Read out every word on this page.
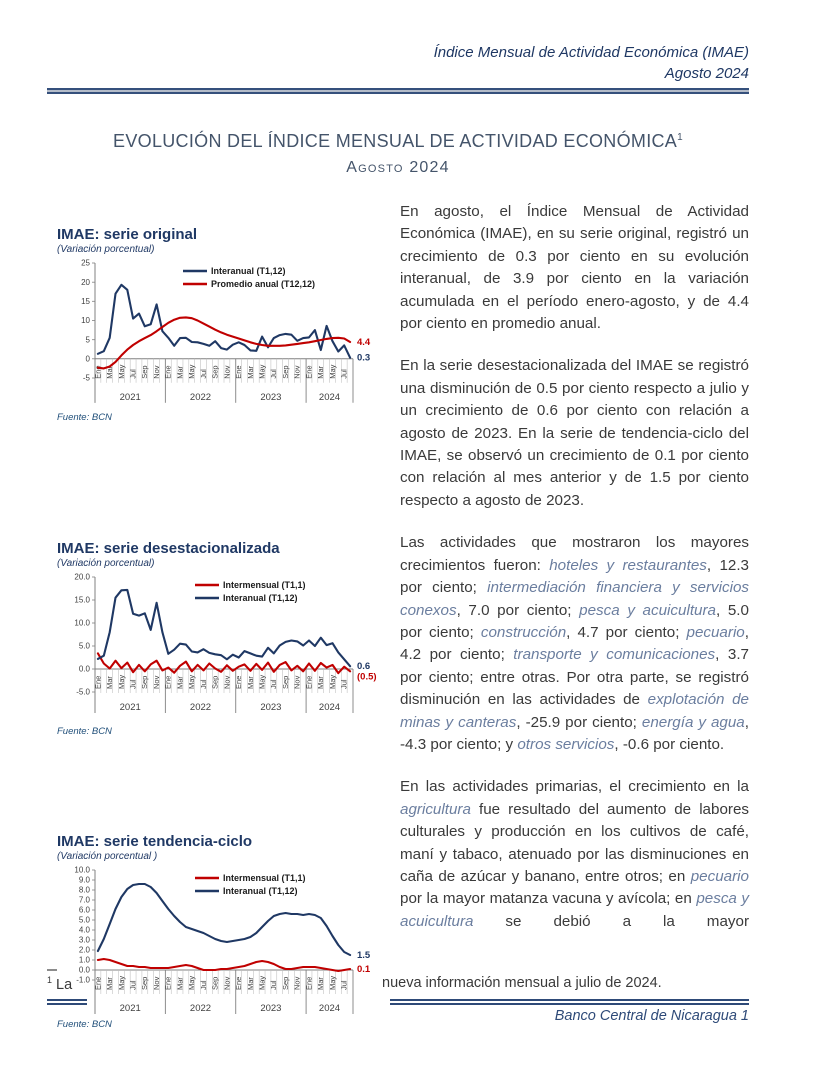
Índice Mensual de Actividad Económica (IMAE)
Agosto 2024
EVOLUCIÓN DEL ÍNDICE MENSUAL DE ACTIVIDAD ECONÓMICA$^1$
Agosto 2024
IMAE: serie original
(Variación porcentual)
-5
0
5
10
15
20
25
Ene Mar May Jul Sep Nov Ene Mar May Jul Sep Nov Ene Mar May Jul Sep Nov Ene Mar May Jul
2021	2022	2023	2024
Interanual (T1,12)
Promedio anual (T12,12)
4.4
0.3
Fuente: BCN
IMAE: serie desestacionalizada
(Variación porcentual)
-5.0
0.0
5.0
10.0
15.0
20.0
Ene Mar May Jul Sep Nov Ene Mar May Jul Sep Nov Ene Mar May Jul Sep Nov Ene Mar May Jul
2021	2022	2023	2024
Intermensual (T1,1)
Interanual (T1,12)
0.6
(0.5)
Fuente: BCN
IMAE: serie tendencia-ciclo
(Variación porcentual )
-1.0
0.0
1.0
2.0
3.0
4.0
5.0
6.0
7.0
8.0
9.0
10.0
Ene Mar May Jul Sep Nov Ene Mar May Jul Sep Nov Ene Mar May Jul Sep Nov Ene Mar May Jul
2021	2022	2023	2024
Intermensual (T1,1)
Interanual (T1,12)
1.5
0.1
Fuente: BCN

En agosto, el Índice Mensual de Actividad Económica (IMAE), en su serie original, registró un crecimiento de 0.3 por ciento en su evolución interanual, de 3.9 por ciento en la variación acumulada en el período enero-agosto, y de 4.4 por ciento en promedio anual.

En la serie desestacionalizada del IMAE se registró una disminución de 0.5 por ciento respecto a julio y un crecimiento de 0.6 por ciento con relación a agosto de 2023. En la serie de tendencia-ciclo del IMAE, se observó un crecimiento de 0.1 por ciento con relación al mes anterior y de 1.5 por ciento respecto a agosto de 2023.

Las actividades que mostraron los mayores crecimientos fueron: hoteles y restaurantes, 12.3 por ciento; intermediación financiera y servicios conexos, 7.0 por ciento; pesca y acuicultura, 5.0 por ciento; construcción, 4.7 por ciento; pecuario, 4.2 por ciento; transporte y comunicaciones, 3.7 por ciento; entre otras. Por otra parte, se registró disminución en las actividades de explotación de minas y canteras, -25.9 por ciento; energía y agua, -4.3 por ciento; y otros servicios, -0.6 por ciento.

En las actividades primarias, el crecimiento en la agricultura fue resultado del aumento de labores culturales y producción en los cultivos de café, maní y tabaco, atenuado por las disminuciones en caña de azúcar y banano, entre otros; en pecuario por la mayor matanza vacuna y avícola; en pesca y acuicultura se debió a la mayor

$^1$ La	nueva información mensual a julio de 2024.
Banco Central de Nicaragua 1
